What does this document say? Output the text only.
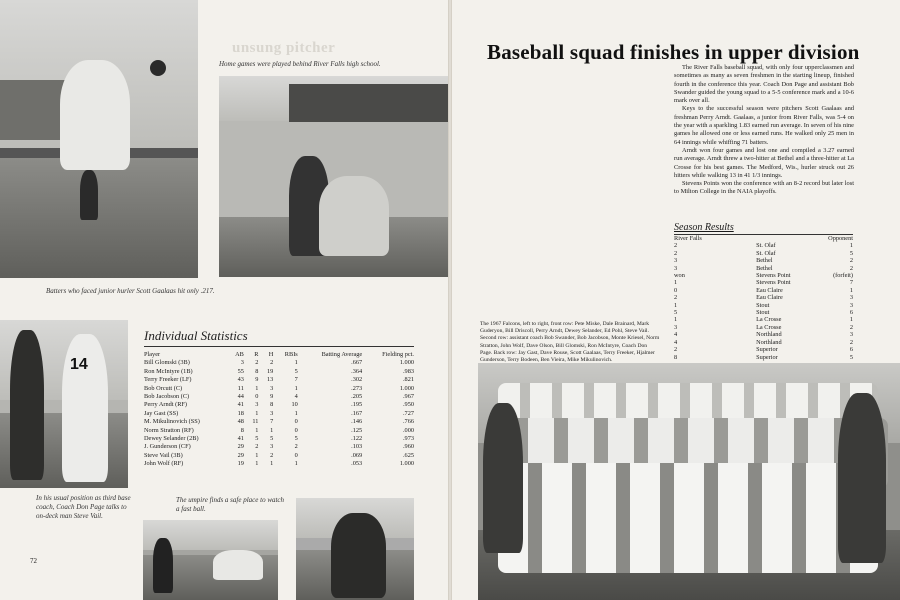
unsung pitcher
Home games were played behind River Falls high school.
Batters who faced junior hurler Scott Gaalaas hit only .217.
14
In his usual position as third base coach, Coach Don Page talks to on-deck man Steve Vail.
Individual Statistics
Player	AB	R	H	RBIs	Batting Average	Fielding pct.
Bill Glomski (3B)	3	2	2	1	.667	1.000
Ron McIntyre (1B)	55	8	19	5	.364	.983
Terry Freeker (LF)	43	9	13	7	.302	.821
Bob Orcutt (C)	11	1	3	1	.273	1.000
Bob Jacobson (C)	44	0	9	4	.205	.967
Perry Arndt (RF)	41	3	8	10	.195	.950
Jay Gast (SS)	18	1	3	1	.167	.727
M. Mikulinovich (SS)	48	11	7	0	.146	.766
Norm Stratton (RF)	8	1	1	0	.125	.000
Dewey Selander (2B)	41	5	5	5	.122	.973
J. Gunderson (CF)	29	2	3	2	.103	.960
Steve Vail (3B)	29	1	2	0	.069	.625
John Wolf (RF)	19	1	1	1	.053	1.000
The umpire finds a safe place to watch a fast ball.
72
Baseball squad finishes in upper division

The River Falls baseball squad, with only four upperclassmen and sometimes as many as seven freshmen in the starting lineup, finished fourth in the conference this year. Coach Don Page and assistant Bob Swander guided the young squad to a 5-5 conference mark and a 10-6 mark over all.

Keys to the successful season were pitchers Scott Gaalaas and freshman Perry Arndt. Gaalaas, a junior from River Falls, was 5-4 on the year with a sparkling 1.83 earned run average. In seven of his nine games he allowed one or less earned runs. He walked only 25 men in 64 innings while whiffing 71 batters.

Arndt won four games and lost one and compiled a 3.27 earned run average. Arndt threw a two-hitter at Bethel and a three-hitter at La Crosse for his best games. The Medford, Wis., hurler struck out 26 hitters while walking 13 in 41 1/3 innings.

Stevens Points won the conference with an 8-2 record but later lost to Milton College in the NAIA playoffs.

Season Results
River Falls		Opponent
2	St. Olaf	1
2	St. Olaf	5
3	Bethel	2
3	Bethel	2
won	Stevens Point	(forfeit)
1	Stevens Point	7
0	Eau Claire	1
2	Eau Claire	3
1	Stout	3
5	Stout	6
1	La Crosse	1
3	La Crosse	2
4	Northland	3
4	Northland	2
2	Superior	6
8	Superior	5
The 1967 Falcons, left to right, front row: Pete Miske, Dale Brainard, Mark Guderyon, Bill Driscoll, Perry Arndt, Dewey Selander, Ed Pohl, Steve Vail. Second row: assistant coach Bob Swander, Bob Jacobson, Monte Kriesel, Norm Stratton, John Wolf, Dave Olson, Bill Glomski, Ron McIntyre, Coach Don Page. Back row: Jay Gast, Dave Rouse, Scott Gaalaas, Terry Freeker, Hjalmer Gunderson, Terry Bodeen, Ben Vieira, Mike Mikulinovich.
